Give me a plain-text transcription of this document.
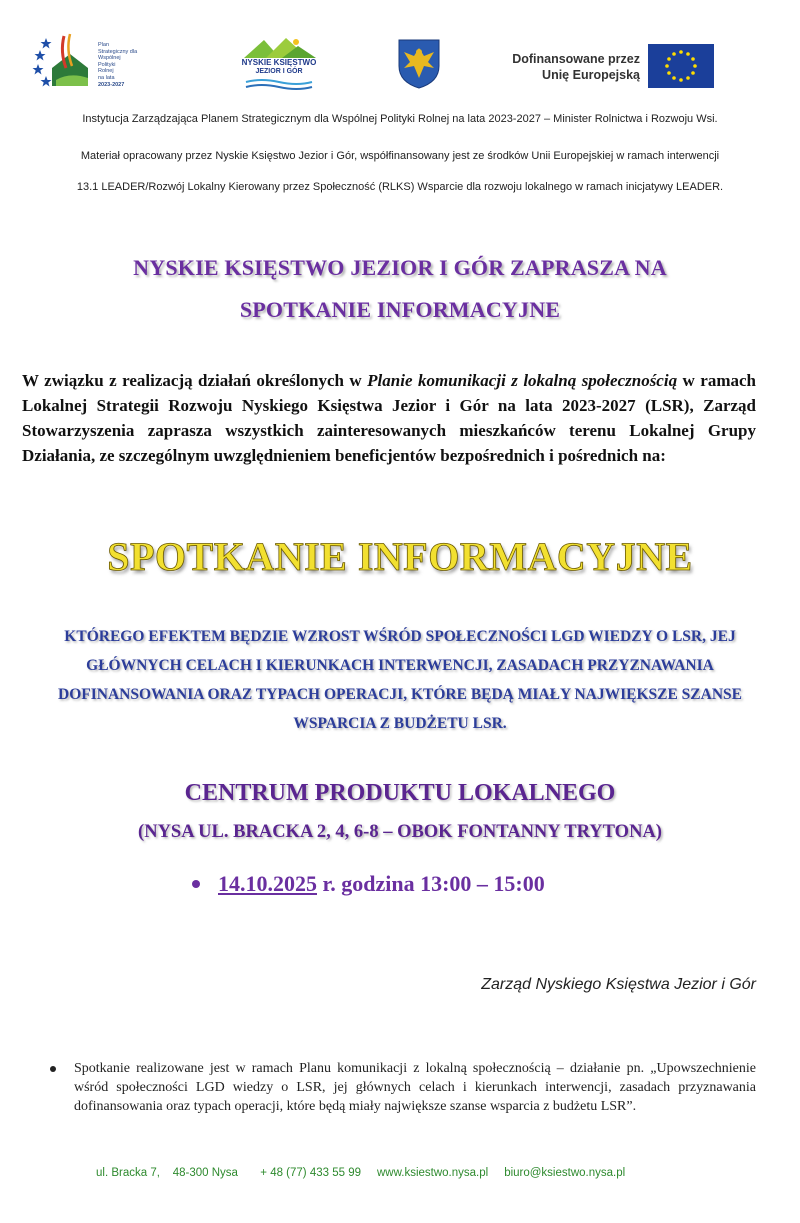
Plan
Strategiczny dla
Wspólnej
Polityki
Rolnej
na lata
2023-2027
NYSKIE KSIĘSTWO
JEZIOR I GÓR
Dofinansowane przez
Unię Europejską
Instytucja Zarządzająca Planem Strategicznym dla Wspólnej Polityki Rolnej na lata 2023-2027 – Minister Rolnictwa i Rozwoju Wsi.
Materiał opracowany przez Nyskie Księstwo Jezior i Gór, współfinansowany jest ze środków Unii Europejskiej w ramach interwencji
13.1 LEADER/Rozwój Lokalny Kierowany przez Społeczność (RLKS) Wsparcie dla rozwoju lokalnego w ramach inicjatywy LEADER.
NYSKIE KSIĘSTWO JEZIOR I GÓR ZAPRASZA NA
SPOTKANIE INFORMACYJNE
W związku z realizacją działań określonych w Planie komunikacji z lokalną społecznością w ramach Lokalnej Strategii Rozwoju Nyskiego Księstwa Jezior i Gór na lata 2023-2027 (LSR), Zarząd Stowarzyszenia zaprasza wszystkich zainteresowanych mieszkańców terenu Lokalnej Grupy Działania, ze szczególnym uwzględnieniem beneficjentów bezpośrednich i pośrednich na:
SPOTKANIE INFORMACYJNE
KTÓREGO EFEKTEM BĘDZIE WZROST WŚRÓD SPOŁECZNOŚCI LGD WIEDZY O LSR, JEJ
GŁÓWNYCH CELACH I KIERUNKACH INTERWENCJI, ZASADACH PRZYZNAWANIA
DOFINANSOWANIA ORAZ TYPACH OPERACJI, KTÓRE BĘDĄ MIAŁY NAJWIĘKSZE SZANSE
WSPARCIA Z BUDŻETU LSR.
CENTRUM PRODUKTU LOKALNEGO
(NYSA UL. BRACKA 2, 4, 6-8 – OBOK FONTANNY TRYTONA)
14.10.2025 r. godzina 13:00 – 15:00
Zarząd Nyskiego Księstwa Jezior i Gór
Spotkanie realizowane jest w ramach Planu komunikacji z lokalną społecznością – działanie pn. „Upowszechnienie wśród społeczności LGD wiedzy o LSR, jej głównych celach i kierunkach interwencji, zasadach przyznawania dofinansowania oraz typach operacji, które będą miały największe szanse wsparcia z budżetu LSR”.
ul. Bracka 7,    48-300 Nysa + 48 (77) 433 55 99 www.ksiestwo.nysa.pl biuro@ksiestwo.nysa.pl
